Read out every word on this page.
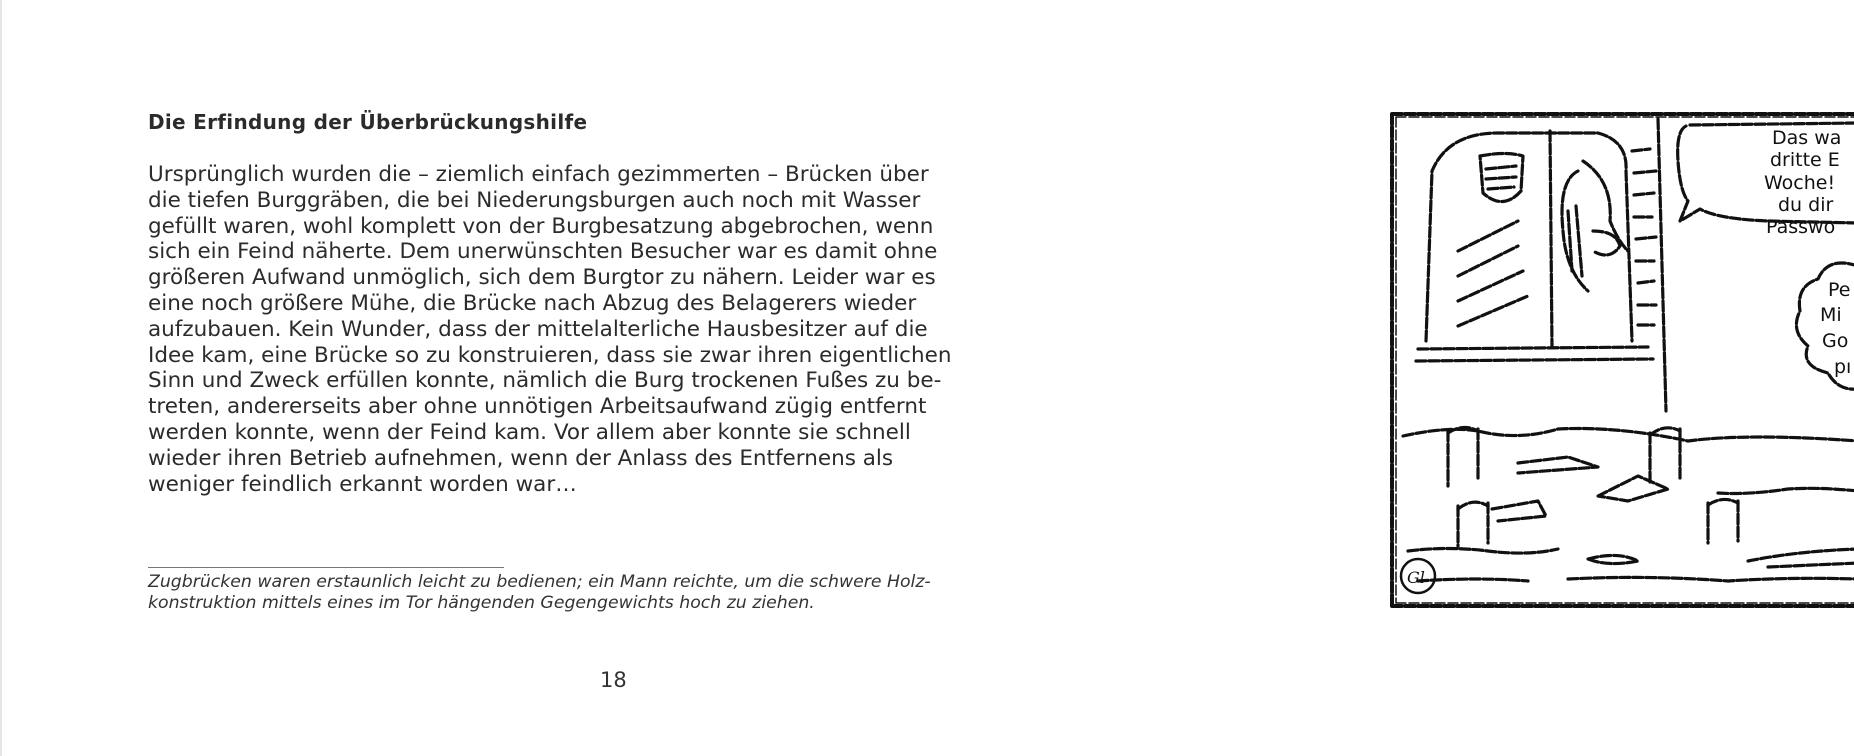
Die Erfindung der Überbrückungshilfe
Ursprünglich wurden die – ziemlich einfach gezimmerten – Brücken über
die tiefen Burggräben, die bei Niederungsburgen auch noch mit Wasser
gefüllt waren, wohl komplett von der Burgbesatzung abgebrochen, wenn
sich ein Feind näherte. Dem unerwünschten Besucher war es damit ohne
größeren Aufwand unmöglich, sich dem Burgtor zu nähern. Leider war es
eine noch größere Mühe, die Brücke nach Abzug des Belagerers wieder
aufzubauen. Kein Wunder, dass der mittelalterliche Hausbesitzer auf die
Idee kam, eine Brücke so zu konstruieren, dass sie zwar ihren eigentlichen
Sinn und Zweck erfüllen konnte, nämlich die Burg trockenen Fußes zu be-
treten, andererseits aber ohne unnötigen Arbeitsaufwand zügig entfernt
werden konnte, wenn der Feind kam. Vor allem aber konnte sie schnell
wieder ihren Betrieb aufnehmen, wenn der Anlass des Entfernens als
weniger feindlich erkannt worden war…
Zugbrücken waren erstaunlich leicht zu bedienen; ein Mann reichte, um die schwere Holz-
konstruktion mittels eines im Tor hängenden Gegengewichts hoch zu ziehen.
18
Das wa
dritte E
Woche!
du dir
Passwo
Pe
Mi
Go
pı
Gl
